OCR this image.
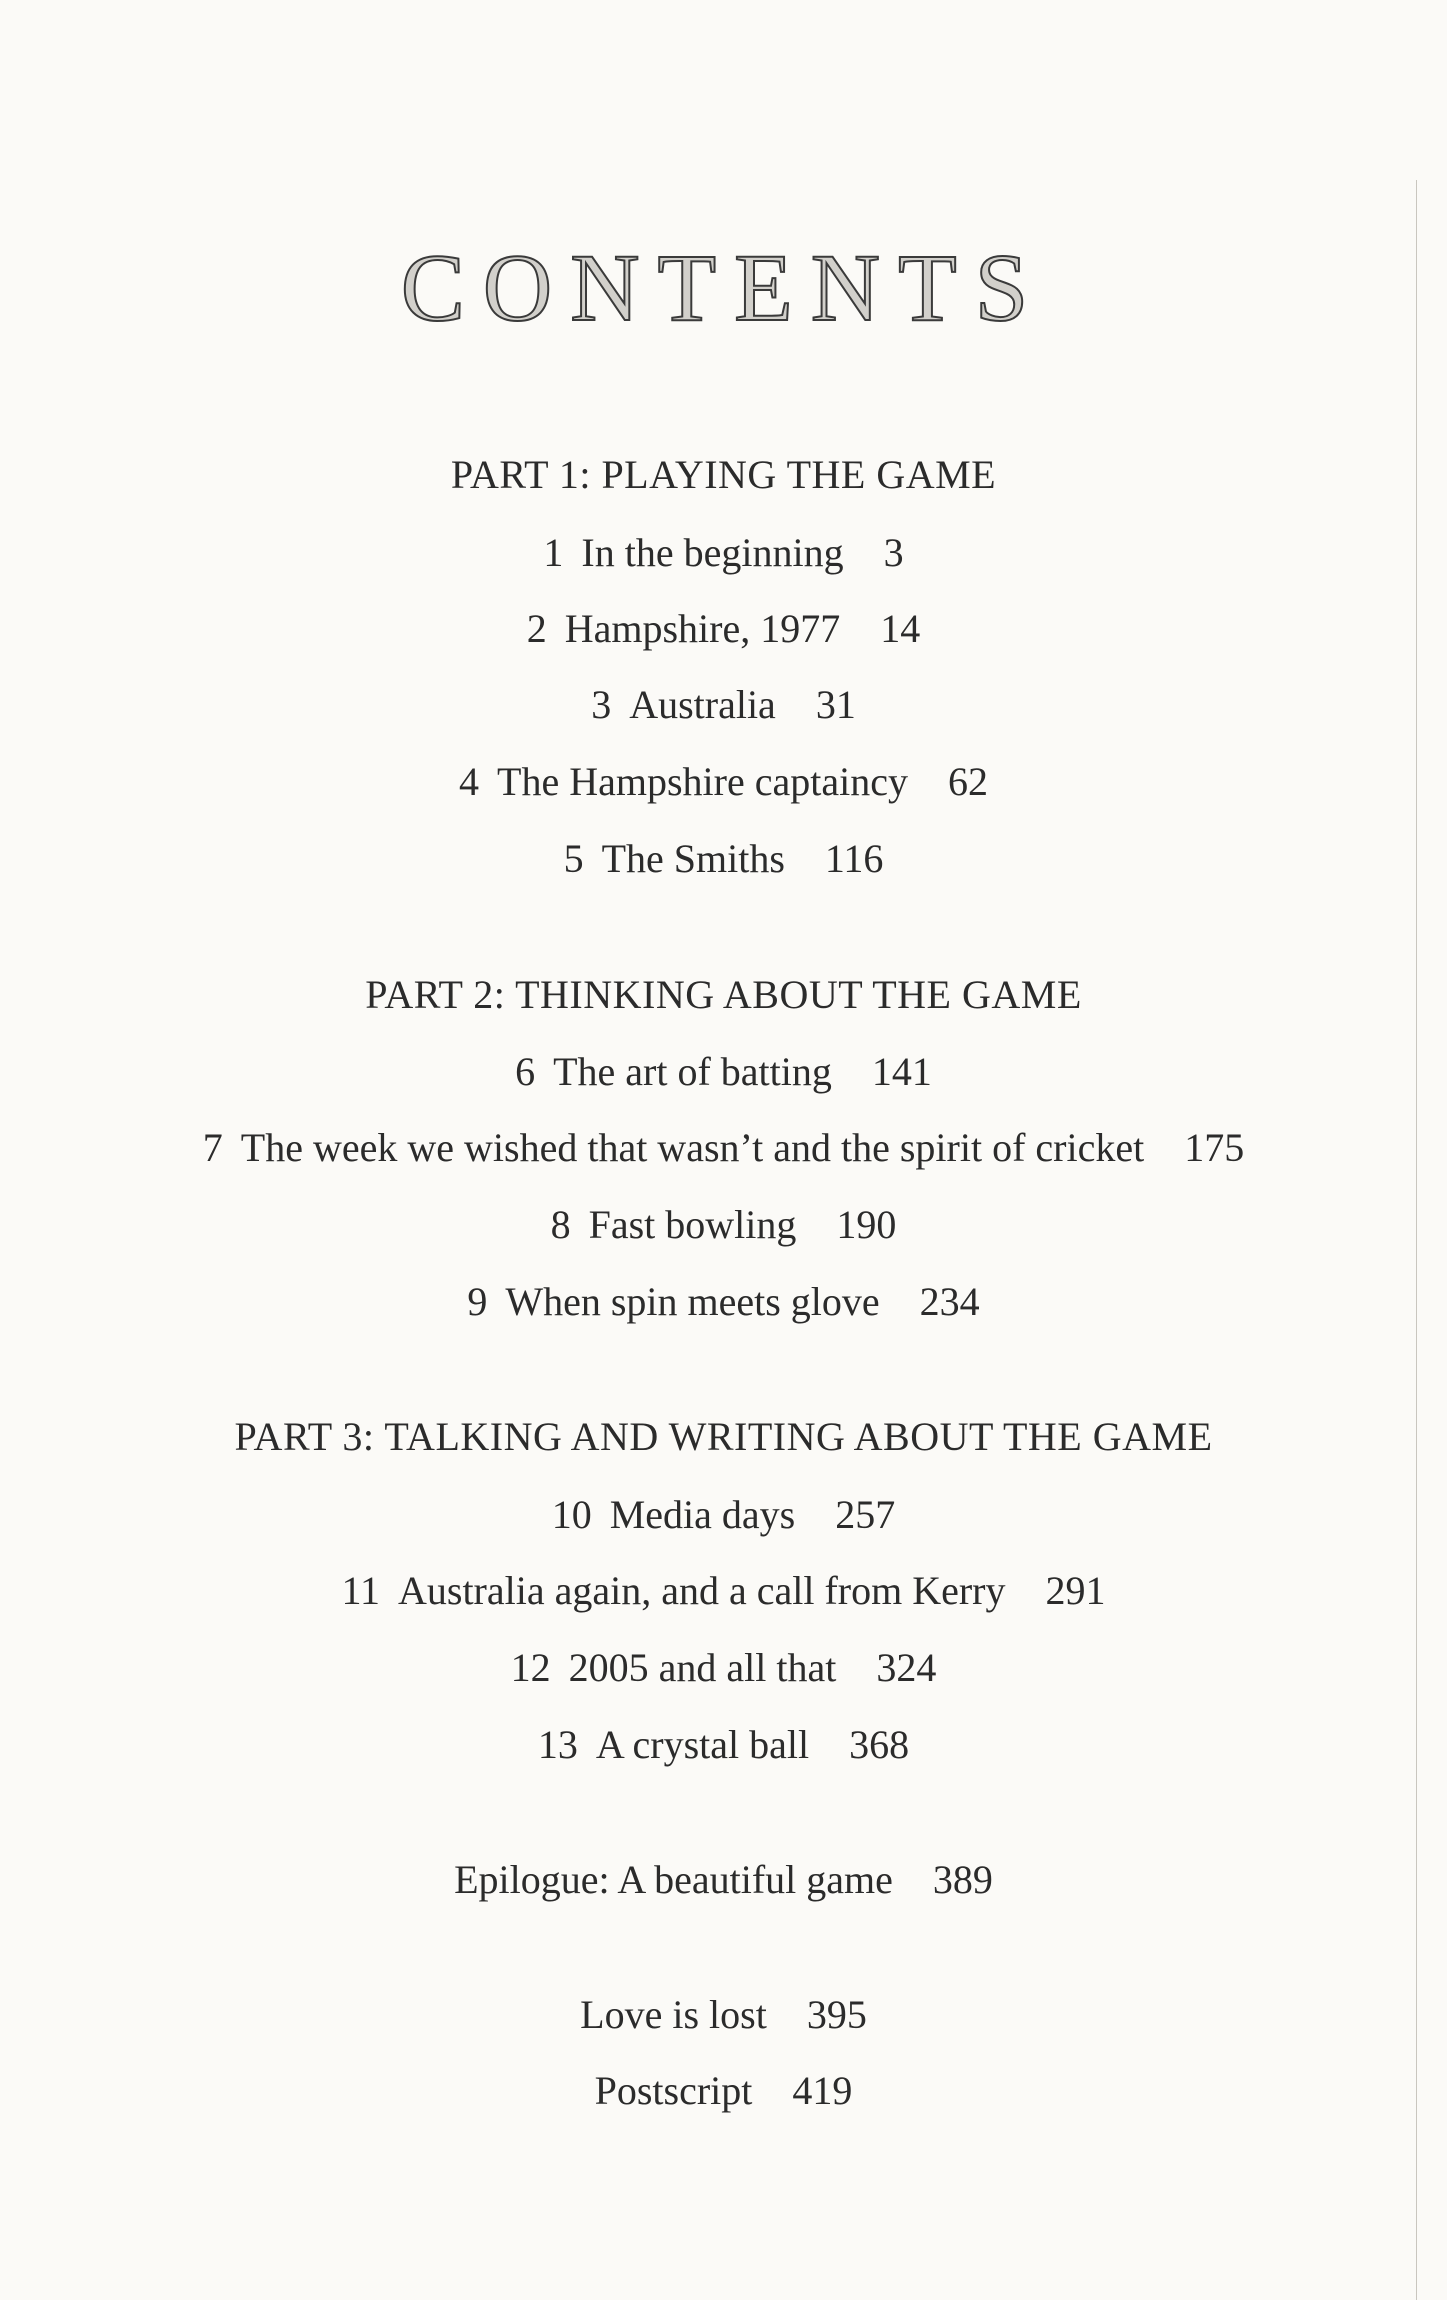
CONTENTS
PART 1: PLAYING THE GAME
1 In the beginning 3
2 Hampshire, 1977 14
3 Australia 31
4 The Hampshire captaincy 62
5 The Smiths 116
PART 2: THINKING ABOUT THE GAME
6 The art of batting 141
7 The week we wished that wasn’t and the spirit of cricket 175
8 Fast bowling 190
9 When spin meets glove 234
PART 3: TALKING AND WRITING ABOUT THE GAME
10 Media days 257
11 Australia again, and a call from Kerry 291
12 2005 and all that 324
13 A crystal ball 368
Epilogue: A beautiful game 389
Love is lost 395
Postscript 419
